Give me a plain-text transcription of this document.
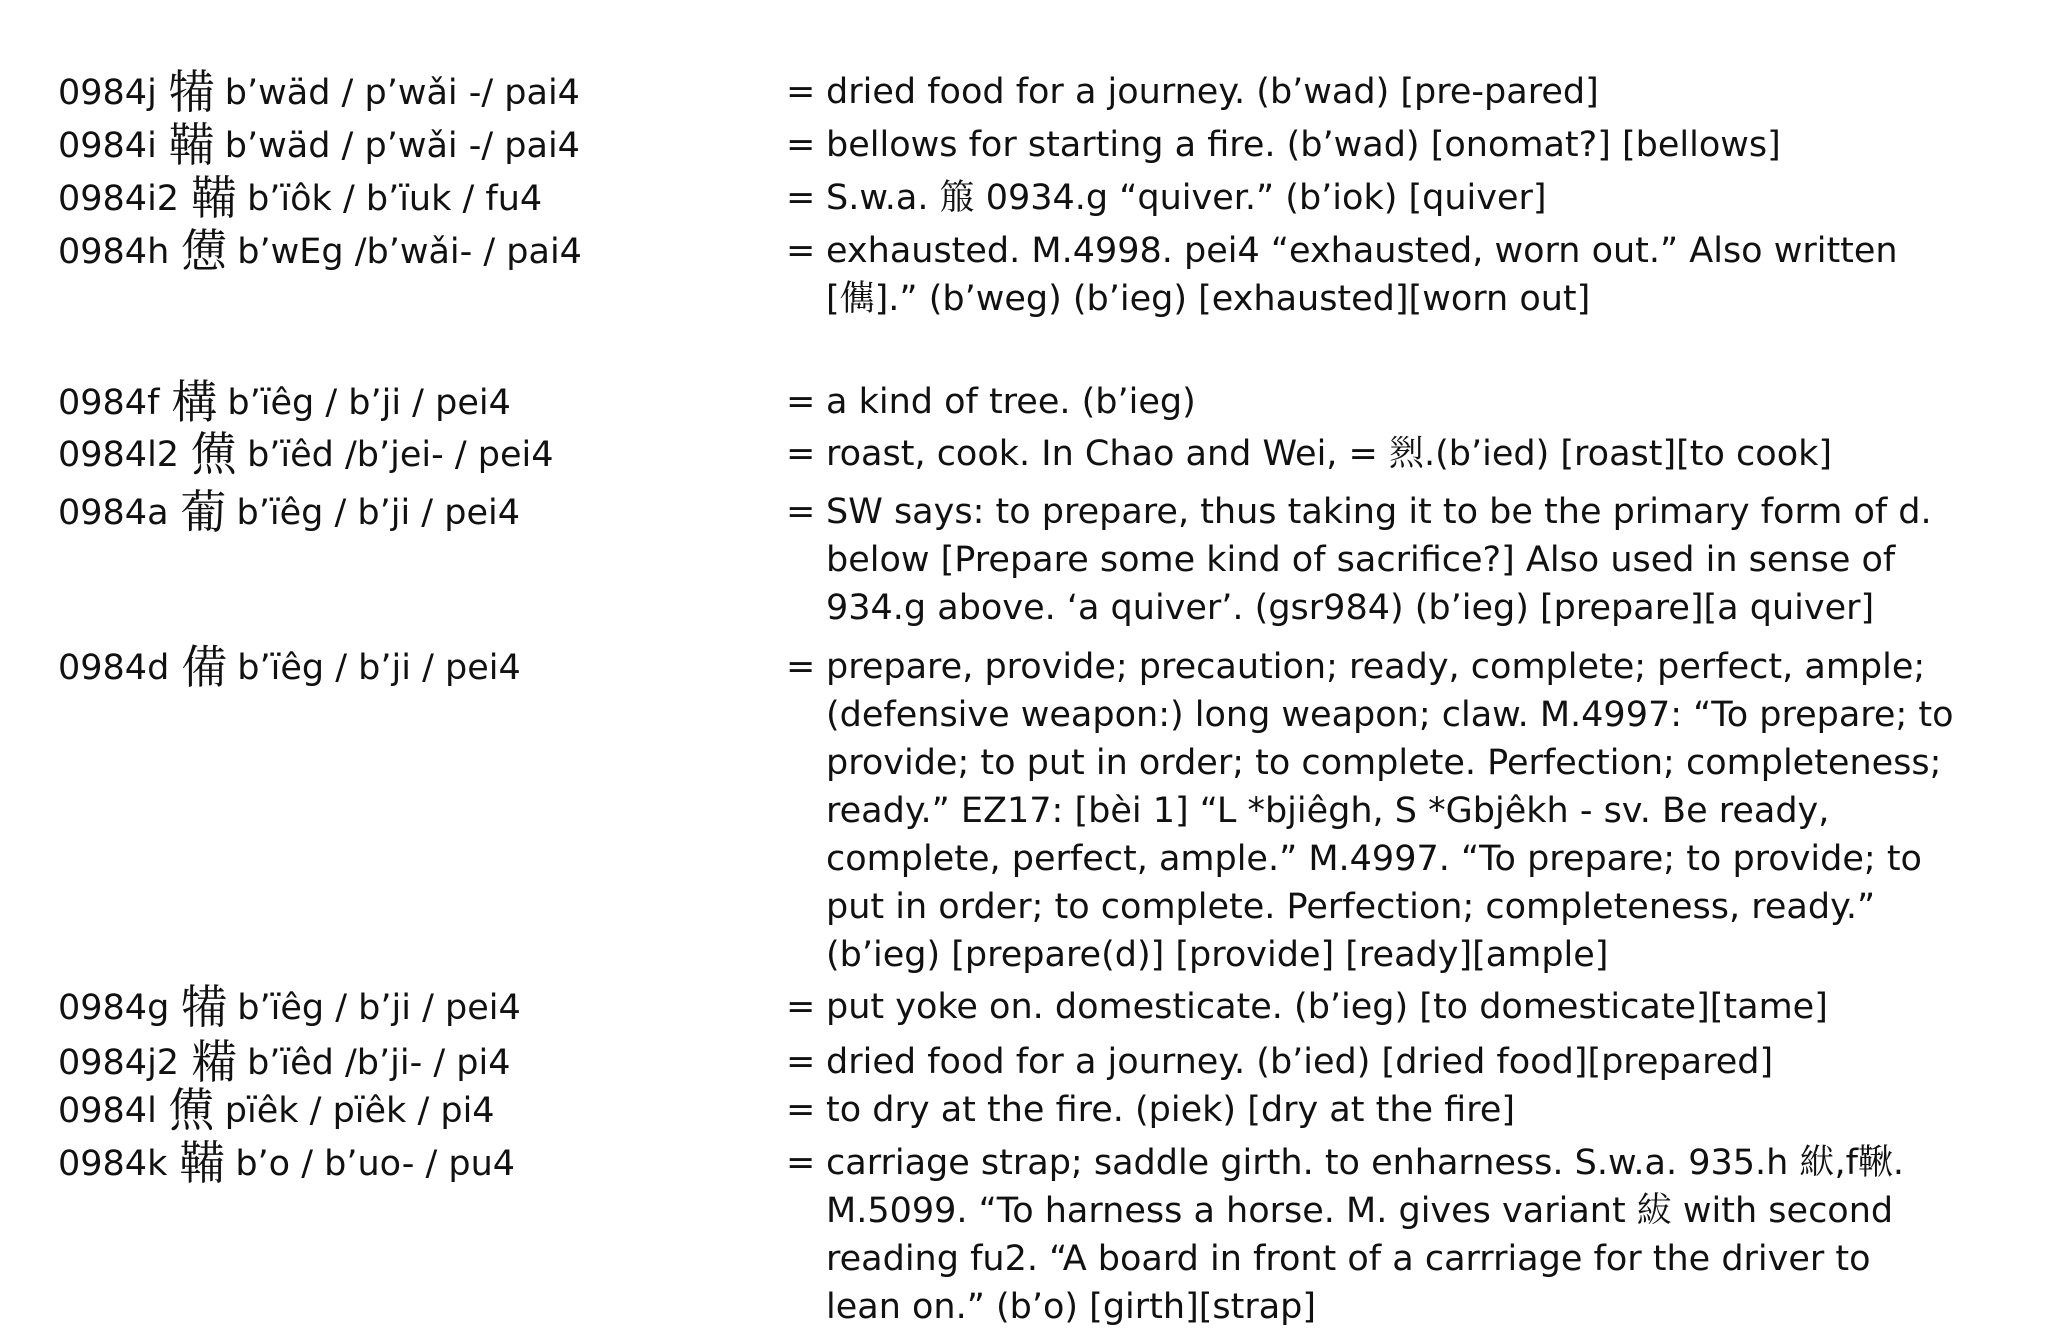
0984j 犕 b’wäd / p’wǎi -/ pai4	= dried food for a journey. (b’wad) [pre-pared]
0984i 鞴 b’wäd / p’wǎi -/ pai4	= bellows for starting a fire. (b’wad) [onomat?] [bellows]
0984i2 鞴 b’ïôk / b’ïuk / fu4	= S.w.a. 箙 0934.g “quiver.” (b’iok) [quiver]
0984h 憊 b’wEg /b’wǎi- / pai4	= exhausted. M.4998. pei4 “exhausted, worn out.” Also written
[㒞].” (b’weg) (b’ieg) [exhausted][worn out]
0984f 構 b’ïêg / b’ji / pei4	= a kind of tree. (b’ieg)
0984l2 㷶 b’ïêd /b’jei- / pei4	= roast, cook. In Chao and Wei, = 煭.(b’ied) [roast][to cook]
0984a 葡 b’ïêg / b’ji / pei4	= SW says: to prepare, thus taking it to be the primary form of d.
below [Prepare some kind of sacrifice?] Also used in sense of
934.g above. ‘a quiver’. (gsr984) (b’ieg) [prepare][a quiver]
0984d 備 b’ïêg / b’ji / pei4	= prepare, provide; precaution; ready, complete; perfect, ample;
(defensive weapon:) long weapon; claw. M.4997: “To prepare; to
provide; to put in order; to complete. Perfection; completeness;
ready.” EZ17: [bèi 1] “L *bjiêgh, S *Gbjêkh - sv. Be ready,
complete, perfect, ample.” M.4997. “To prepare; to provide; to
put in order; to complete. Perfection; completeness, ready.”
(b’ieg) [prepare(d)] [provide] [ready][ample]
0984g 犕 b’ïêg / b’ji / pei4	= put yoke on. domesticate. (b’ieg) [to domesticate][tame]
0984j2 糒 b’ïêd /b’ji- / pi4	= dried food for a journey. (b’ied) [dried food][prepared]
0984l 㷶 pïêk / pïêk / pi4	= to dry at the fire. (piek) [dry at the fire]
0984k 鞴 b’o / b’uo- / pu4	= carriage strap; saddle girth. to enharness. S.w.a. 935.h 絥,f鞦.
M.5099. “To harness a horse. M. gives variant 紱 with second
reading fu2. “A board in front of a carrriage for the driver to
lean on.” (b’o) [girth][strap]
